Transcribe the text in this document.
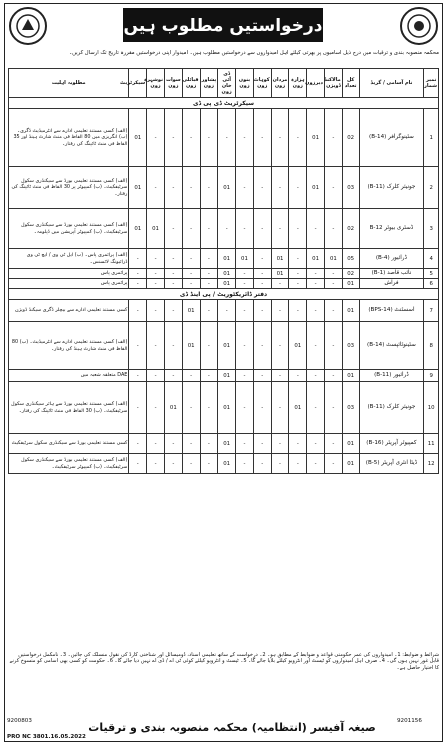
درخواستیں مطلوب ہیں
محکمہ منصوبہ بندی و ترقیات میں درج ذیل اسامیوں پر بھرتی کیلئے اہل امیدواروں سے درخواستیں مطلوب ہیں۔ امیدوار اپنی درخواستیں مقررہ تاریخ تک ارسال کریں۔
نمبر شمار	نام آسامی / گریڈ	کل تعداد	مالاکنڈ ڈویژن	دیرزون	ہزارہ زون	مردان زون	کوہاٹ زون	بنوں زون	ڈی آئی خان زون	پشاور زون	قبائلی زون	سوات زون	نوشہرہ زون	سیکرٹریٹ	مطلوبہ اہلیت
سیکرٹریٹ ڈی پی ڈی															
1	سٹینوگرافر (B-14)	02	-	01	-	-	-	-	-	-	-	-	-	01	(الف) کسی مستند تعلیمی ادارے سے انٹرمیڈیٹ ڈگری۔ (ب) انگریزی میں 80 الفاظ فی منٹ شارٹ ہینڈ اور 35 الفاظ فی منٹ ٹائپنگ کی رفتار۔
2	جونیئر کلرک (B-11)	03	-	01	-	-	-	-	01	-	-	-	-	01	(الف) کسی مستند تعلیمی بورڈ سے سیکنڈری سکول سرٹیفکیٹ۔ (ب) کمپیوٹر پر 30 الفاظ فی منٹ ٹائپنگ کی رفتار۔
3	ڈسٹری بیوٹر B-12	02	-	-	-	-	-	-	-	-	-	-	01	01	(الف) کسی مستند تعلیمی بورڈ سے سیکنڈری سکول سرٹیفکیٹ۔ (ب) کمپیوٹر آپریشن میں ڈپلومہ۔
4	ڈرائیور (B-4)	05	01	01	-	01	-	01	01	-	-	-	-	-	(الف) پرائمری پاس۔ (ب) ایل ٹی وی / ایچ ٹی وی ڈرائیونگ لائسنس۔
5	نائب قاصد (B-1)	02	-	-	-	01	-	-	01	-	-	-	-	-	پرائمری پاس
6	فراش	01	-	-	-	-	-	-	01	-	-	-	-	-	پرائمری پاس
دفتر ڈائریکٹوریٹ / پی اینڈ ڈی															
7	اسسٹنٹ (BPS-14)	01	-	-	-	-	-	-	-	-	01	-	-	-	کسی مستند تعلیمی ادارے سے بیچلر ڈگری سیکنڈ ڈویژن
8	سٹینوٹائپسٹ (B-14)	03	-	-	01	-	-	-	01	-	01	-	-	-	(الف) کسی مستند تعلیمی ادارے سے انٹرمیڈیٹ۔ (ب) 80 الفاظ فی منٹ شارٹ ہینڈ کی رفتار۔
9	ڈرائیور (B-11)	01	-	-	-	-	-	-	01	-	-	-	-	-	DAE متعلقہ شعبہ میں
10	جونیئر کلرک (B-11)	03	-	-	01	-	-	-	01	-	-	01	-	-	(الف) کسی مستند تعلیمی بورڈ سے ہائر سیکنڈری سکول سرٹیفکیٹ۔ (ب) 30 الفاظ فی منٹ ٹائپنگ کی رفتار۔
11	کمپیوٹر آپریٹر (B-16)	01	-	-	-	-	-	-	01	-	-	-	-	-	کسی مستند تعلیمی بورڈ سے سیکنڈری سکول سرٹیفکیٹ
12	ڈیٹا انٹری آپریٹر (B-5)	01	-	-	-	-	-	-	01	-	-	-	-	-	(الف) کسی مستند تعلیمی بورڈ سے سیکنڈری سکول سرٹیفکیٹ۔ (ب) کمپیوٹر سرٹیفکیٹ۔
شرائط و ضوابط: 1۔ امیدواروں کی عمر حکومتی قواعد و ضوابط کے مطابق ہو۔ 2۔ درخواست کے ساتھ تعلیمی اسناد، ڈومیسائل اور شناختی کارڈ کی نقول منسلک کی جائیں۔ 3۔ نامکمل درخواستیں قابل غور نہیں ہوں گی۔ 4۔ صرف اہل امیدواروں کو ٹیسٹ اور انٹرویو کیلئے بلایا جائے گا۔ 5۔ ٹیسٹ و انٹرویو کیلئے کوئی ٹی اے / ڈی اے نہیں دیا جائے گا۔ 6۔ حکومت کو کسی بھی اسامی کو منسوخ کرنے کا اختیار حاصل ہے۔
9200803	9201156
صیغہ آفیسر (انتظامیہ) محکمہ منصوبہ بندی و ترقیات
PRO NC 3801.16.05.2022
